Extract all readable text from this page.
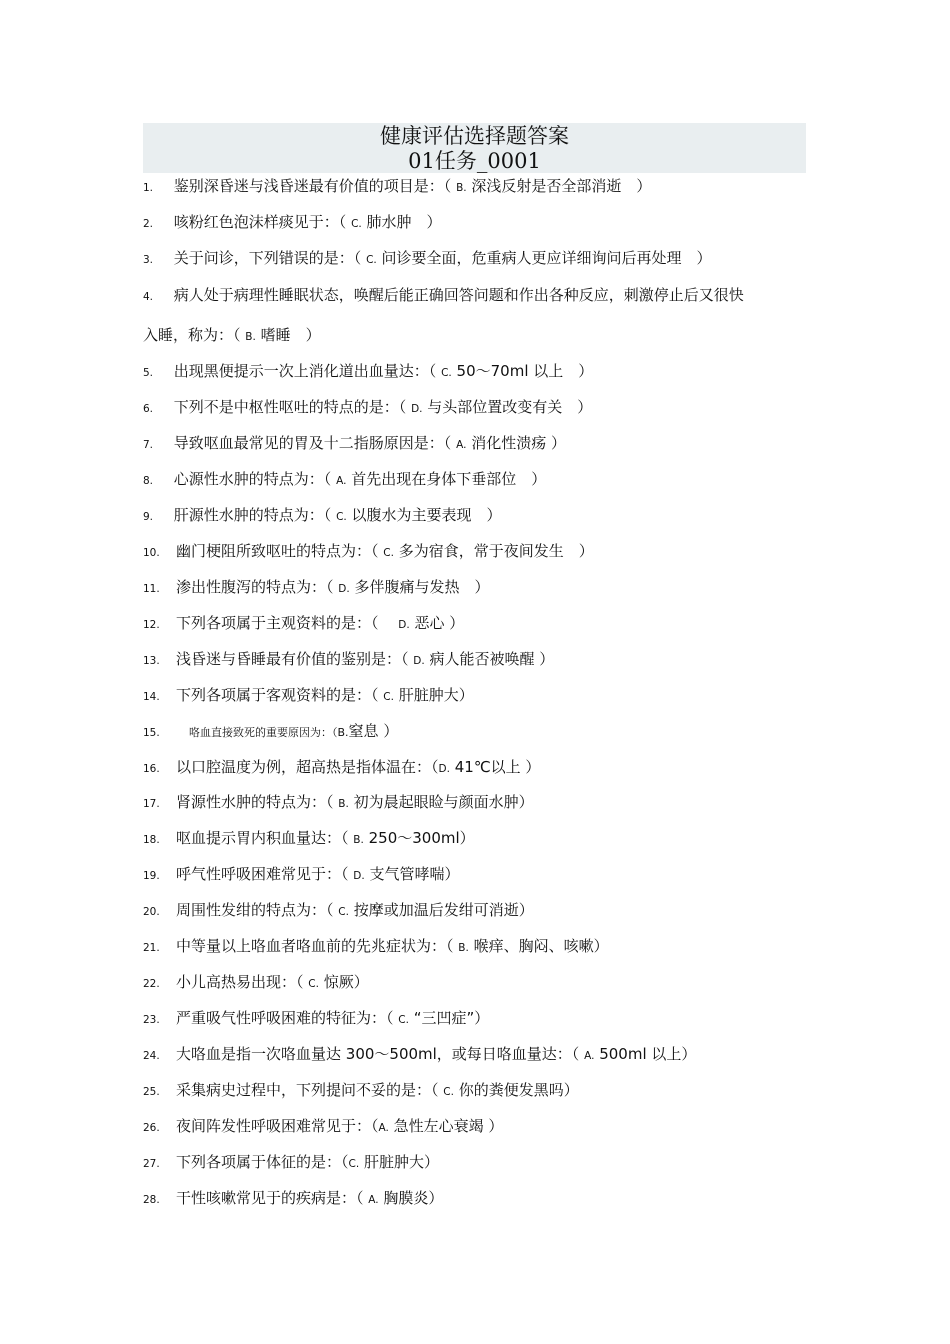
健康评估选择题答案
01任务_0001
1. 鉴别深昏迷与浅昏迷最有价值的项目是：（ B. 深浅反射是否全部消逝　）
2. 咳粉红色泡沫样痰见于：（ C. 肺水肿　）
3. 关于问诊，下列错误的是：（ C. 问诊要全面，危重病人更应详细询问后再处理　）
4. 病人处于病理性睡眠状态，唤醒后能正确回答问题和作出各种反应，刺激停止后又很快
入睡，称为：（ B. 嗜睡　）
5. 出现黑便提示一次上消化道出血量达：（ C. 50～70ml 以上　）
6. 下列不是中枢性呕吐的特点的是：（ D. 与头部位置改变有关　）
7. 导致呕血最常见的胃及十二指肠原因是：（ A. 消化性溃疡 ）
8. 心源性水肿的特点为：（ A. 首先出现在身体下垂部位　）
9. 肝源性水肿的特点为：（ C. 以腹水为主要表现　）
10. 幽门梗阻所致呕吐的特点为：（ C. 多为宿食，常于夜间发生　）
11. 渗出性腹泻的特点为：（ D. 多伴腹痛与发热　）
12. 下列各项属于主观资料的是：（　 D. 恶心 ）
13. 浅昏迷与昏睡最有价值的鉴别是：（ D. 病人能否被唤醒 ）
14. 下列各项属于客观资料的是：（ C. 肝脏肿大）
15.	咯血直接致死的重要原因为：（B.窒息 ）
16. 以口腔温度为例，超高热是指体温在：（D. 41℃以上 ）
17. 肾源性水肿的特点为：（ B. 初为晨起眼睑与颜面水肿）
18. 呕血提示胃内积血量达：（ B. 250～300ml）
19. 呼气性呼吸困难常见于：（ D. 支气管哮喘）
20. 周围性发绀的特点为：（ C. 按摩或加温后发绀可消逝）
21. 中等量以上咯血者咯血前的先兆症状为：（ B. 喉痒、胸闷、咳嗽）
22. 小儿高热易出现：（ C. 惊厥）
23. 严重吸气性呼吸困难的特征为：（ C. “三凹症”）
24. 大咯血是指一次咯血量达 300～500ml，或每日咯血量达：（ A. 500ml 以上）
25. 采集病史过程中，下列提问不妥的是：（ C. 你的粪便发黑吗）
26. 夜间阵发性呼吸困难常见于：（A. 急性左心衰竭 ）
27. 下列各项属于体征的是：（C. 肝脏肿大）
28. 干性咳嗽常见于的疾病是：（ A. 胸膜炎）
